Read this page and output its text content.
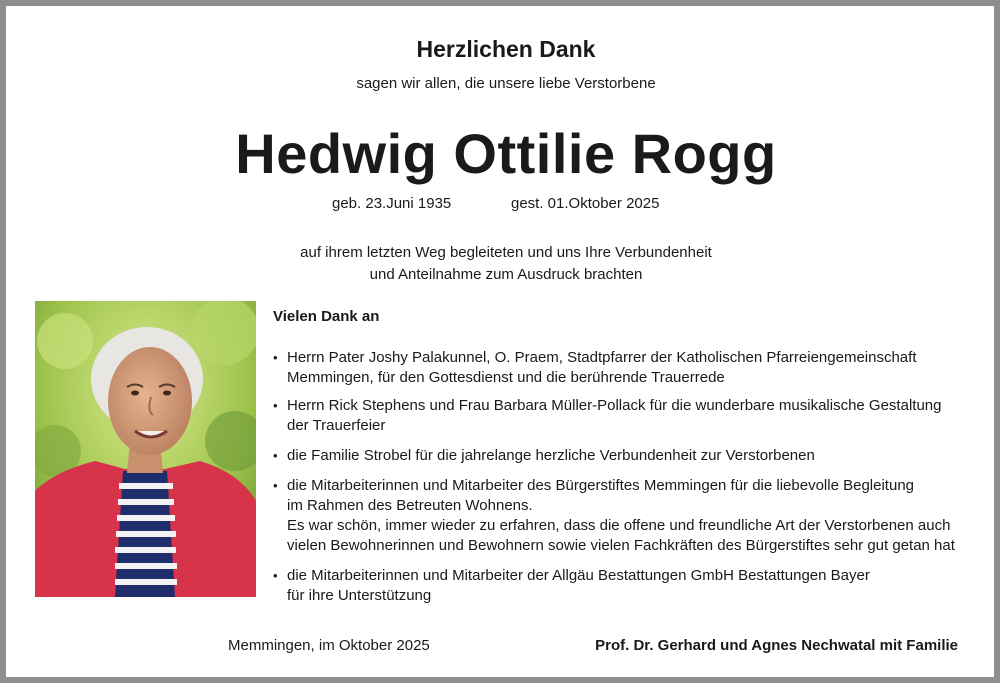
Herzlichen Dank
sagen wir allen, die unsere liebe Verstorbene
Hedwig Ottilie Rogg
geb. 23.Juni 1935	gest. 01.Oktober 2025
auf ihrem letzten Weg begleiteten und uns Ihre Verbundenheit
und Anteilnahme zum Ausdruck brachten
Vielen Dank an
• Herrn Pater Joshy Palakunnel, O. Praem, Stadtpfarrer der Katholischen Pfarreiengemeinschaft
Memmingen, für den Gottesdienst und die berührende Trauerrede
• Herrn Rick Stephens und Frau Barbara Müller-Pollack für die wunderbare musikalische Gestaltung
der Trauerfeier
• die Familie Strobel für die jahrelange herzliche Verbundenheit zur Verstorbenen
• die Mitarbeiterinnen und Mitarbeiter des Bürgerstiftes Memmingen für die liebevolle Begleitung
im Rahmen des Betreuten Wohnens.
Es war schön, immer wieder zu erfahren, dass die offene und freundliche Art der Verstorbenen auch
vielen Bewohnerinnen und Bewohnern sowie vielen Fachkräften des Bürgerstiftes sehr gut getan hat
• die Mitarbeiterinnen und Mitarbeiter der Allgäu Bestattungen GmbH Bestattungen Bayer
für ihre Unterstützung
Memmingen, im Oktober 2025	Prof. Dr. Gerhard und Agnes Nechwatal mit Familie
